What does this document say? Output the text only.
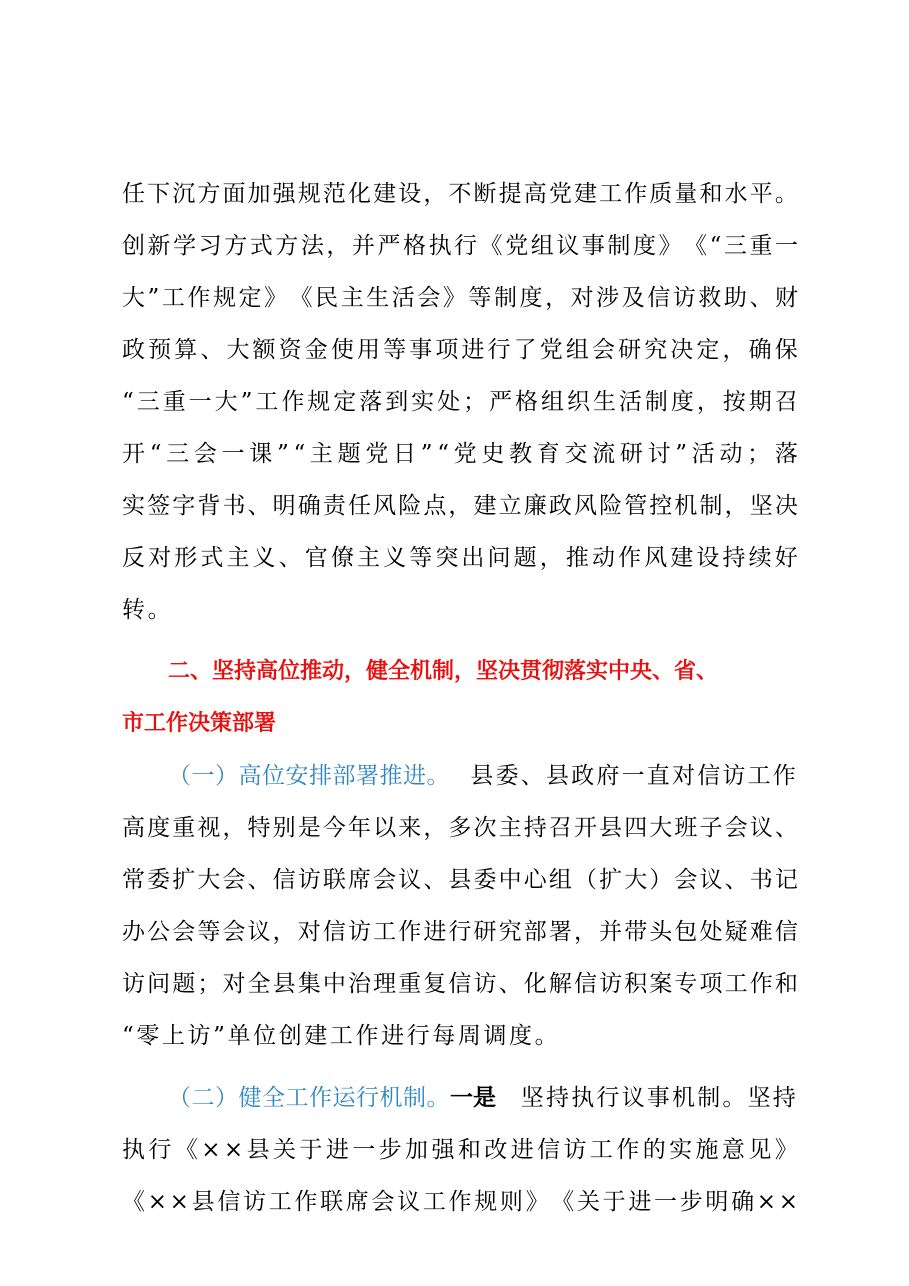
任 下 沉 方 面 加 强 规 范 化 建 设 ， 不 断 提 高 党 建 工 作 质 量 和 水 平 。
创 新 学 习 方 式 方 法 ， 并 严 格 执 行 《 党 组 议 事 制 度 》 《 “ 三 重 一
大 ” 工 作 规 定 》 《 民 主 生 活 会 》 等 制 度 ， 对 涉 及 信 访 救 助 、 财
政 预 算 、 大 额 资 金 使 用 等 事 项 进 行 了 党 组 会 研 究 决 定 ， 确 保
“ 三 重 一 大 ” 工 作 规 定 落 到 实 处 ； 严 格 组 织 生 活 制 度 ， 按 期 召
开 “ 三 会 一 课 ” “ 主 题 党 日 ” “ 党 史 教 育 交 流 研 讨 ” 活 动 ； 落
实 签 字 背 书 、 明 确 责 任 风 险 点 ， 建 立 廉 政 风 险 管 控 机 制 ， 坚 决
反 对 形 式 主 义 、 官 僚 主 义 等 突 出 问 题 ， 推 动 作 风 建 设 持 续 好
转 。
二、坚持高位推动，健全机制，坚决贯彻落实中央、省、
市工作决策部署
（一）高位安排部署推进。 县委、县政府一直对信访工作
高 度 重 视 ， 特 别 是 今 年 以 来 ， 多 次 主 持 召 开 县 四 大 班 子 会 议 、
常 委 扩 大 会 、 信 访 联 席 会 议 、 县 委 中 心 组 （ 扩 大 ） 会 议 、 书 记
办 公 会 等 会 议 ， 对 信 访 工 作 进 行 研 究 部 署 ， 并 带 头 包 处 疑 难 信
访 问 题 ； 对 全 县 集 中 治 理 重 复 信 访 、 化 解 信 访 积 案 专 项 工 作 和
“ 零 上 访 ” 单 位 创 建 工 作 进 行 每 周 调 度 。
（二）健全工作运行机制。一是 坚持执行议事机制。坚持
执 行 《 × × 县 关 于 进 一 步 加 强 和 改 进 信 访 工 作 的 实 施 意 见 》
《 × × 县 信 访 工 作 联 席 会 议 工 作 规 则 》 《 关 于 进 一 步 明 确 × ×
